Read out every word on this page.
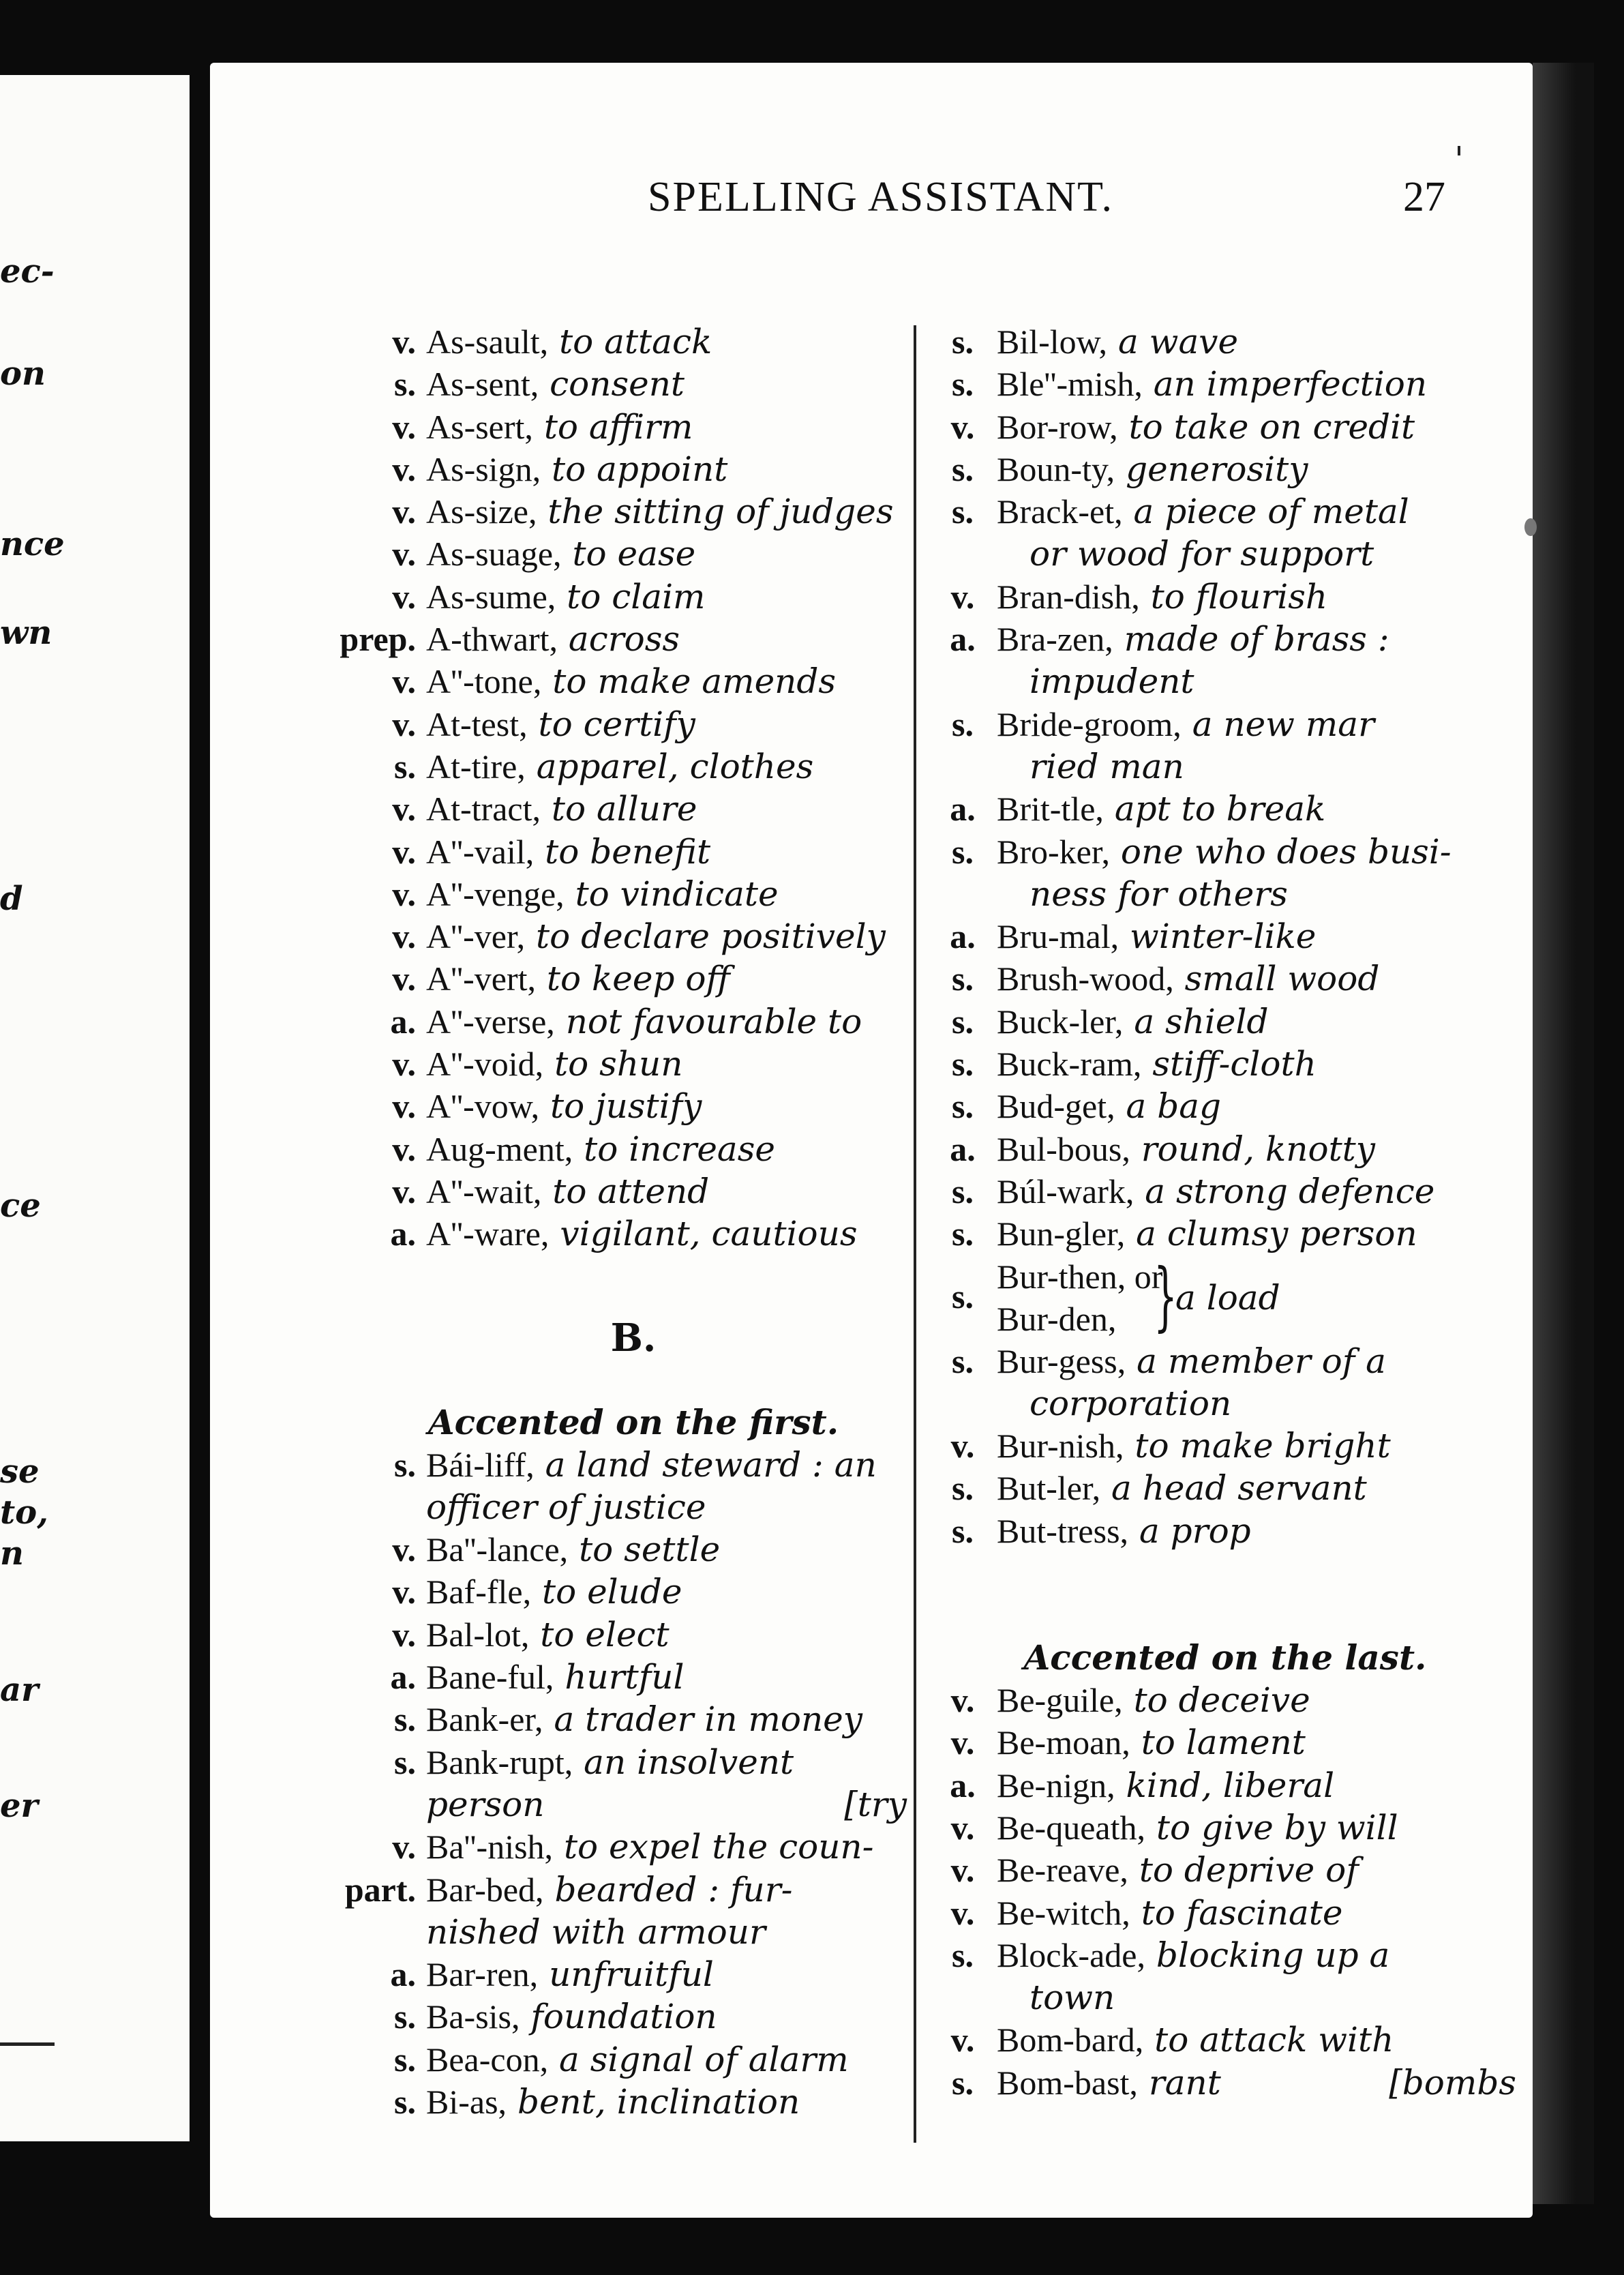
ec-
on
nce
wn
d
ce
se
to,
n
ar
er
SPELLING ASSISTANT.	27
v. As-sault, to attack
s. As-sent, consent
v. As-sert, to affirm
v. As-sign, to appoint
v. As-size, the sitting of judges
v. As-suage, to ease
v. As-sume, to claim
prep. A-thwart, across
v. A''-tone, to make amends
v. At-test, to certify
s. At-tire, apparel, clothes
v. At-tract, to allure
v. A''-vail, to benefit
v. A''-venge, to vindicate
v. A''-ver, to declare positively
v. A''-vert, to keep off
a. A''-verse, not favourable to
v. A''-void, to shun
v. A''-vow, to justify
v. Aug-ment, to increase
v. A''-wait, to attend
a. A''-ware, vigilant, cautious
B.
Accented on the first.
s. Bái-liff, a land steward : an
officer of justice
v. Ba''-lance, to settle
v. Baf-fle, to elude
v. Bal-lot, to elect
a. Bane-ful, hurtful
s. Bank-er, a trader in money
s. Bank-rupt, an insolvent
person	[try
v. Ba''-nish, to expel the coun-
part. Bar-bed, bearded : fur-
nished with armour
a. Bar-ren, unfruitful
s. Ba-sis, foundation
s. Bea-con, a signal of alarm
s. Bi-as, bent, inclination
s. Bil-low, a wave
s. Ble''-mish, an imperfection
v. Bor-row, to take on credit
s. Boun-ty, generosity
s. Brack-et, a piece of metal
or wood for support
v. Bran-dish, to flourish
a. Bra-zen, made of brass :
impudent
s. Bride-groom, a new mar
ried man
a. Brit-tle, apt to break
s. Bro-ker, one who does busi-
ness for others
a. Bru-mal, winter-like
s. Brush-wood, small wood
s. Buck-ler, a shield
s. Buck-ram, stiff-cloth
s. Bud-get, a bag
a. Bul-bous, round, knotty
s. Búl-wark, a strong defence
s. Bun-gler, a clumsy person
s.
Bur-then, or
Bur-den, }
a load
s. Bur-gess, a member of a
corporation
v. Bur-nish, to make bright
s. But-ler, a head servant
s. But-tress, a prop
Accented on the last.
v. Be-guile, to deceive
v. Be-moan, to lament
a. Be-nign, kind, liberal
v. Be-queath, to give by will
v. Be-reave, to deprive of
v. Be-witch, to fascinate
s. Block-ade, blocking up a
town
v. Bom-bard, to attack with
s. Bom-bast, rant	[bombs
